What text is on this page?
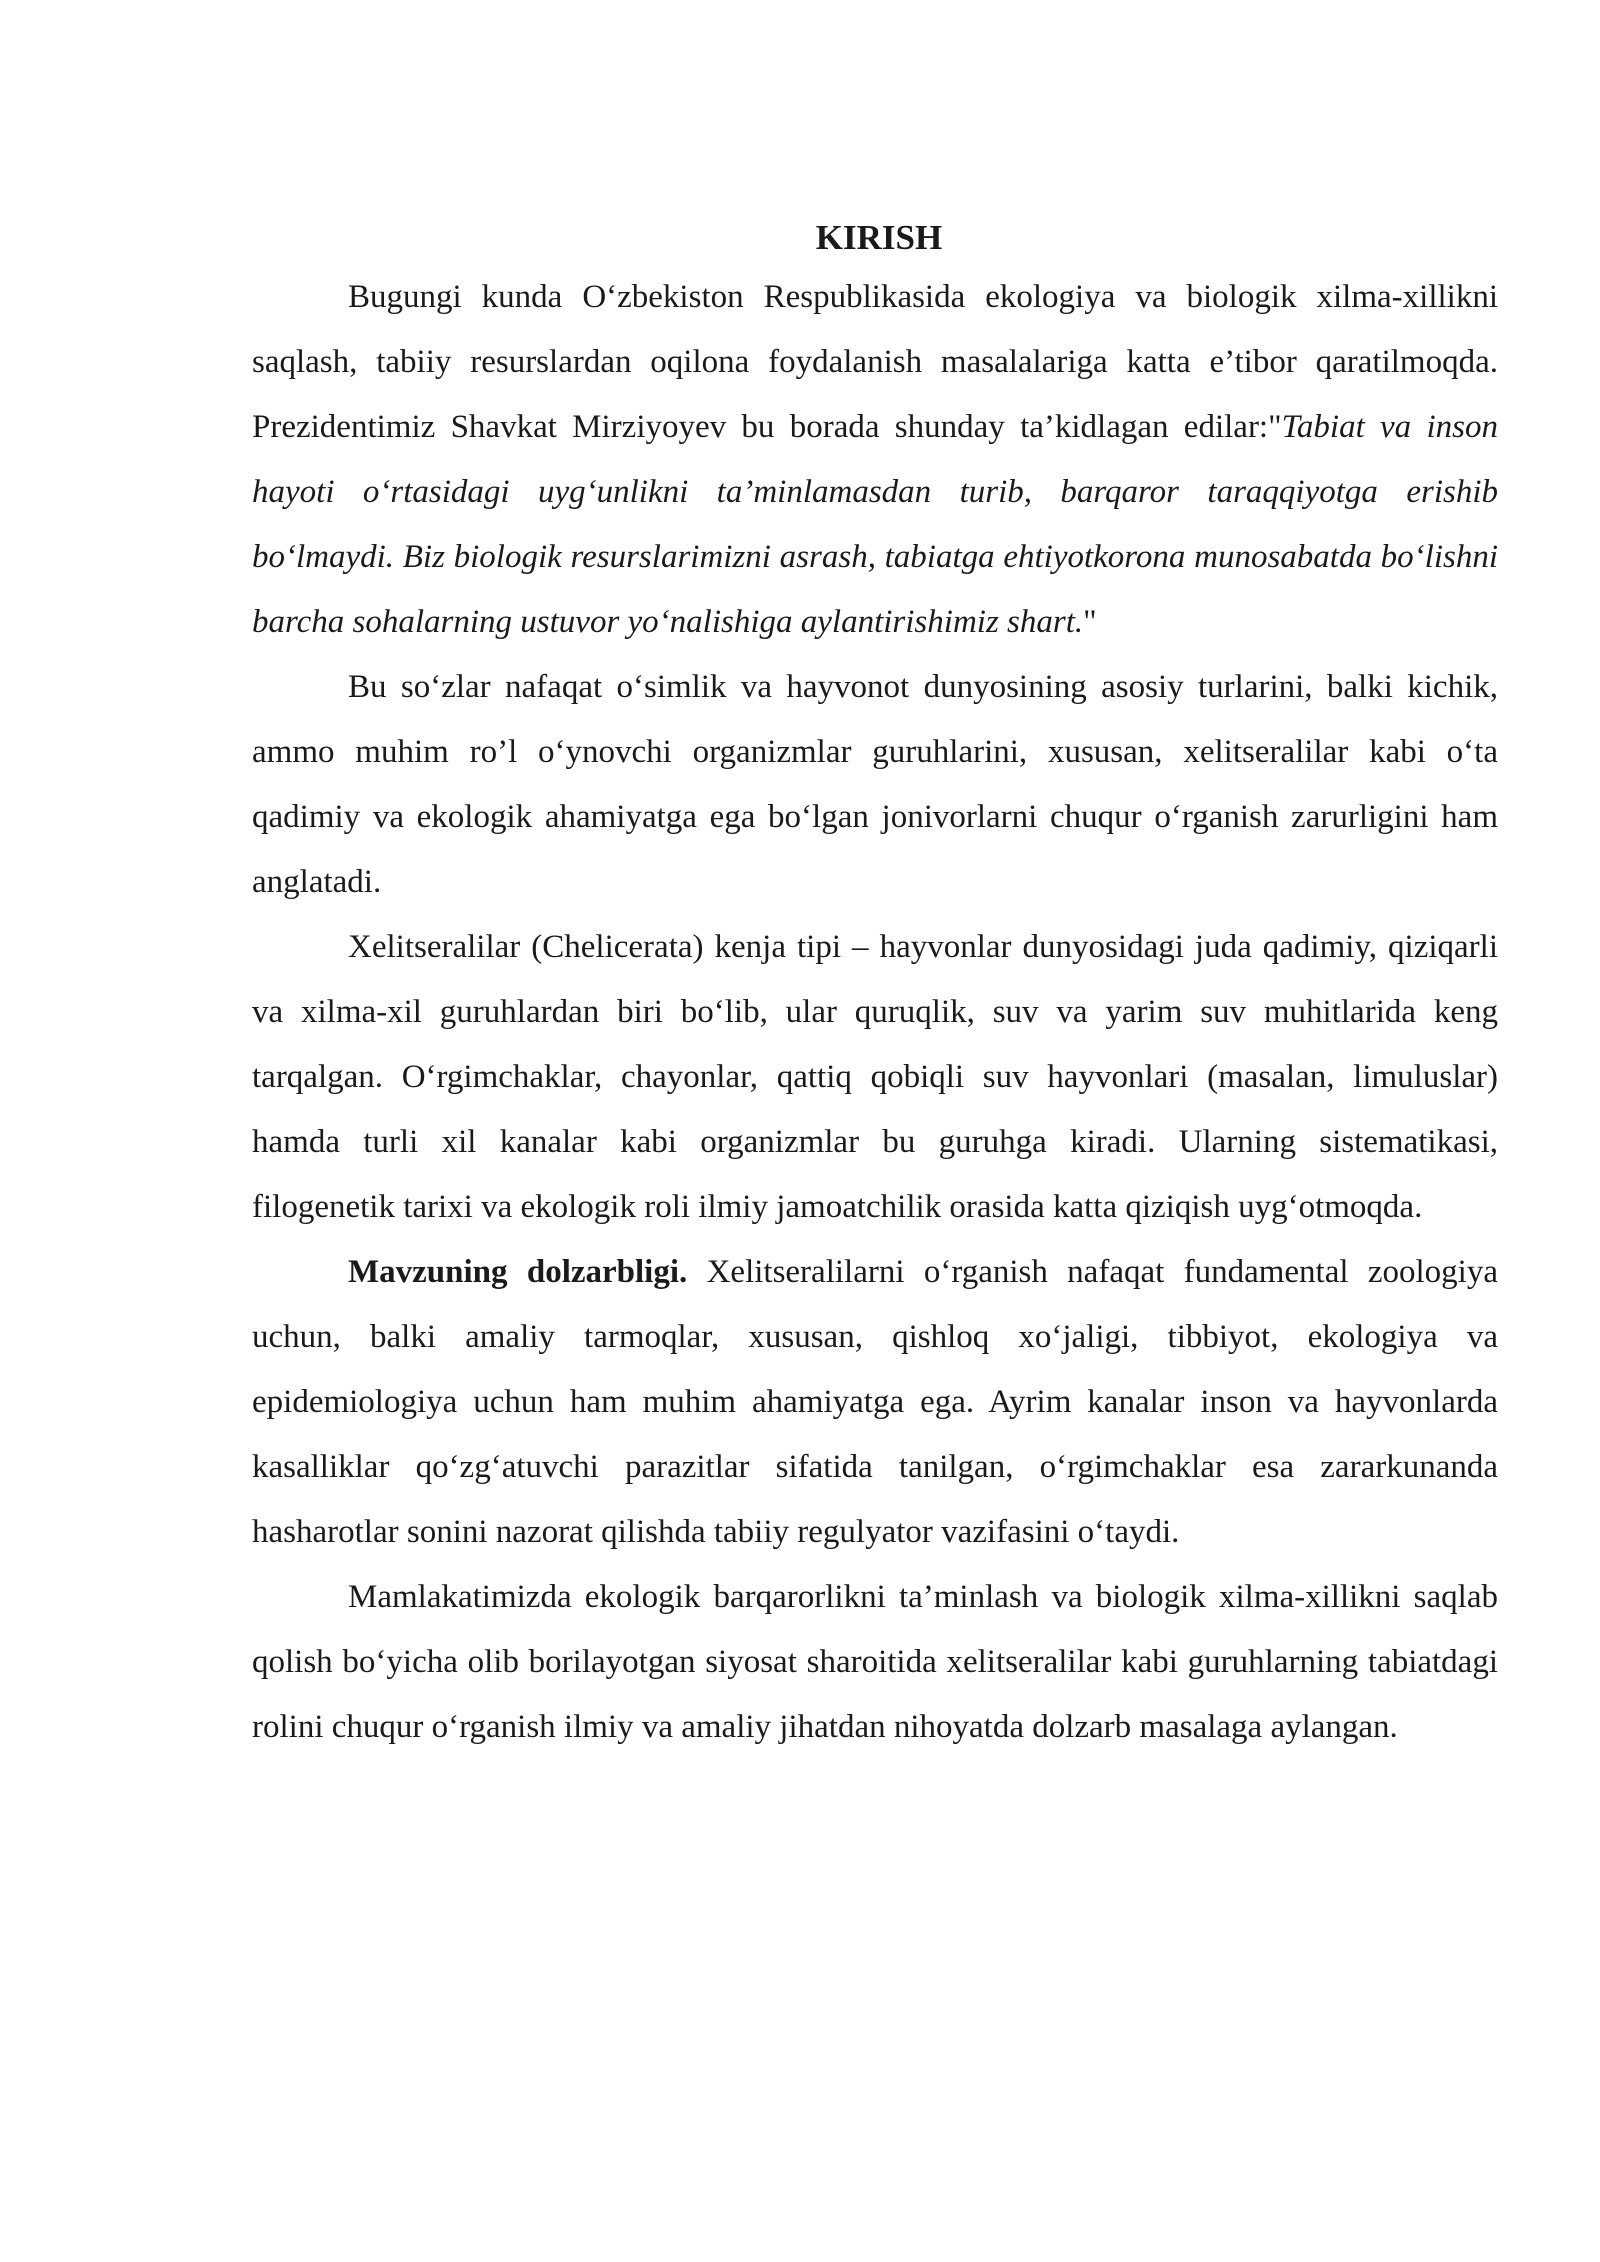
KIRISH

Bugungi kunda O‘zbekiston Respublikasida ekologiya va biologik xilma-xillikni saqlash, tabiiy resurslardan oqilona foydalanish masalalariga katta e’tibor qaratilmoqda. Prezidentimiz Shavkat Mirziyoyev bu borada shunday ta’kidlagan edilar:"Tabiat va inson hayoti o‘rtasidagi uyg‘unlikni ta’minlamasdan turib, barqaror taraqqiyotga erishib bo‘lmaydi. Biz biologik resurslarimizni asrash, tabiatga ehtiyotkorona munosabatda bo‘lishni barcha sohalarning ustuvor yo‘nalishiga aylantirishimiz shart."

Bu so‘zlar nafaqat o‘simlik va hayvonot dunyosining asosiy turlarini, balki kichik, ammo muhim ro’l o‘ynovchi organizmlar guruhlarini, xususan, xelitseralilar kabi o‘ta qadimiy va ekologik ahamiyatga ega bo‘lgan jonivorlarni chuqur o‘rganish zarurligini ham anglatadi.

Xelitseralilar (Chelicerata) kenja tipi – hayvonlar dunyosidagi juda qadimiy, qiziqarli va xilma-xil guruhlardan biri bo‘lib, ular quruqlik, suv va yarim suv muhitlarida keng tarqalgan. O‘rgimchaklar, chayonlar, qattiq qobiqli suv hayvonlari (masalan, limuluslar) hamda turli xil kanalar kabi organizmlar bu guruhga kiradi. Ularning sistematikasi, filogenetik tarixi va ekologik roli ilmiy jamoatchilik orasida katta qiziqish uyg‘otmoqda.

Mavzuning dolzarbligi. Xelitseralilarni o‘rganish nafaqat fundamental zoologiya uchun, balki amaliy tarmoqlar, xususan, qishloq xo‘jaligi, tibbiyot, ekologiya va epidemiologiya uchun ham muhim ahamiyatga ega. Ayrim kanalar inson va hayvonlarda kasalliklar qo‘zg‘atuvchi parazitlar sifatida tanilgan, o‘rgimchaklar esa zararkunanda hasharotlar sonini nazorat qilishda tabiiy regulyator vazifasini o‘taydi.

Mamlakatimizda ekologik barqarorlikni ta’minlash va biologik xilma-xillikni saqlab qolish bo‘yicha olib borilayotgan siyosat sharoitida xelitseralilar kabi guruhlarning tabiatdagi rolini chuqur o‘rganish ilmiy va amaliy jihatdan nihoyatda dolzarb masalaga aylangan.
